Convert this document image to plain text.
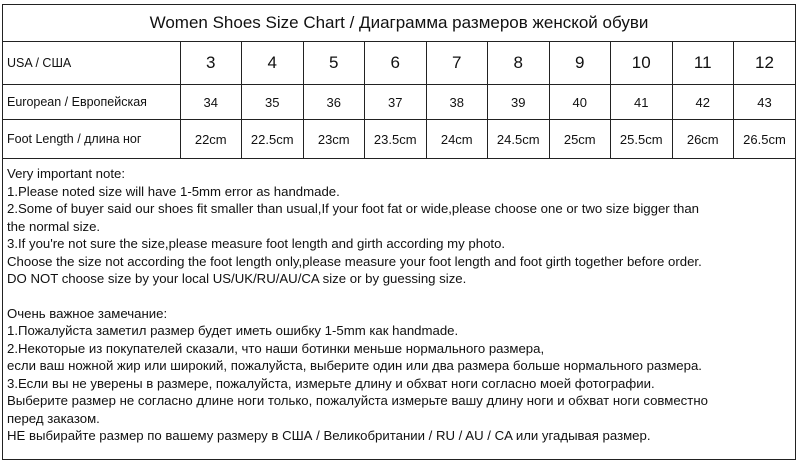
Women Shoes Size Chart / Диаграмма размеров женской обуви
USA / США	3	4	5	6	7	8	9	10	11	12
European / Европейская	34	35	36	37	38	39	40	41	42	43
Foot Length / длина ног	22cm	22.5cm	23cm	23.5cm	24cm	24.5cm	25cm	25.5cm	26cm	26.5cm

Very important note:

1.Please noted size will have 1-5mm error as handmade.

2.Some of buyer said our shoes fit smaller than usual,If your foot fat or wide,please choose one or two size bigger than

the normal size.

3.If you're not sure the size,please measure foot length and girth according my photo.

Choose the size not according the foot length only,please measure your foot length and foot girth together before order.

DO NOT choose size by your local US/UK/RU/AU/CA size or by guessing size.

Очень важное замечание:

1.Пожалуйста заметил размер будет иметь ошибку 1-5mm как handmade.

2.Некоторые из покупателей сказали, что наши ботинки меньше нормального размера,

если ваш ножной жир или широкий, пожалуйста, выберите один или два размера больше нормального размера.

3.Если вы не уверены в размере, пожалуйста, измерьте длину и обхват ноги согласно моей фотографии.

Выберите размер не согласно длине ноги только, пожалуйста измерьте вашу длину ноги и обхват ноги совместно

перед заказом.

НЕ выбирайте размер по вашему размеру в США / Великобритании / RU / AU / CA или угадывая размер.
